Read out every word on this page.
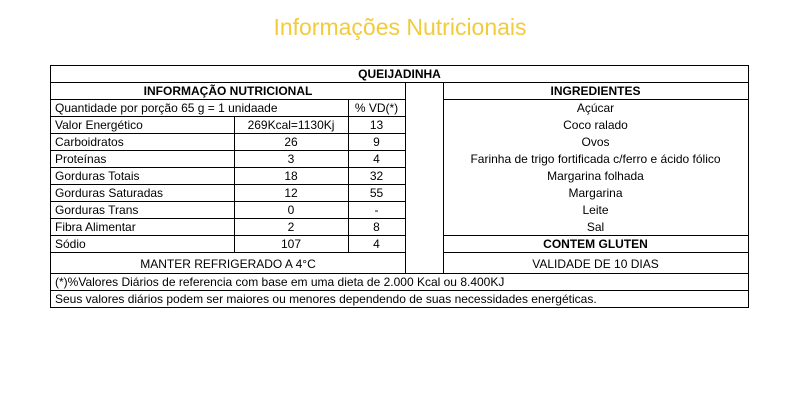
Informações Nutricionais
QUEIJADINHA
INFORMAÇÃO NUTRICIONAL	INGREDIENTES
Quantidade por porção 65 g = 1 unidaade	% VD(*)	Açúcar
Valor Energético	269Kcal=1130Kj	13	Coco ralado
Carboidratos	26	9	Ovos
Proteínas	3	4	Farinha de trigo fortificada c/ferro e ácido fólico
Gorduras Totais	18	32	Margarina folhada
Gorduras Saturadas	12	55	Margarina
Gorduras Trans	0	-	Leite
Fibra Alimentar	2	8	Sal
Sódio	107	4	CONTEM GLUTEN
MANTER REFRIGERADO A 4°C	VALIDADE DE 10 DIAS
(*)%Valores Diários de referencia com base em uma dieta de 2.000 Kcal ou 8.400KJ
Seus valores diários podem ser maiores ou menores dependendo de suas necessidades energéticas.
